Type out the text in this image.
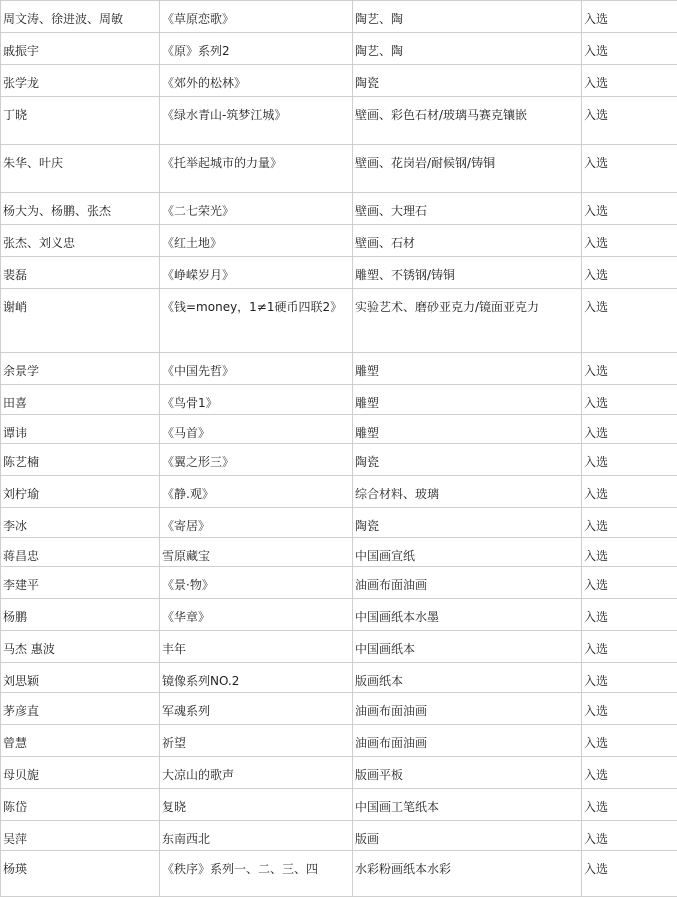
周文涛、徐进波、周敏	《草原恋歌》	陶艺、陶	入选
戚振宇	《原》系列2	陶艺、陶	入选
张学龙	《郊外的松林》	陶瓷	入选
丁晓	《绿水青山-筑梦江城》	壁画、彩色石材/玻璃马赛克镶嵌	入选
朱华、叶庆	《托举起城市的力量》	壁画、花岗岩/耐候钢/铸铜	入选
杨大为、杨鹏、张杰	《二七荣光》	壁画、大理石	入选
张杰、刘义忠	《红土地》	壁画、石材	入选
裴磊	《峥嵘岁月》	雕塑、不锈钢/铸铜	入选
谢峭	《钱=money，1≠1硬币四联2》	实验艺术、磨砂亚克力/镜面亚克力	入选
余景学	《中国先哲》	雕塑	入选
田喜	《鸟骨1》	雕塑	入选
谭讳	《马首》	雕塑	入选
陈艺楠	《翼之形三》	陶瓷	入选
刘柠瑜	《静.观》	综合材料、玻璃	入选
李冰	《寄居》	陶瓷	入选
蒋昌忠	雪原藏宝	中国画宣纸	入选
李建平	《景·物》	油画布面油画	入选
杨鹏	《华章》	中国画纸本水墨	入选
马杰 惠波	丰年	中国画纸本	入选
刘思颖	镜像系列NO.2	版画纸本	入选
茅彦直	军魂系列	油画布面油画	入选
曾慧	祈望	油画布面油画	入选
母贝旎	大凉山的歌声	版画平板	入选
陈岱	复晓	中国画工笔纸本	入选
吴萍	东南西北	版画	入选
杨瑛	《秩序》系列一、二、三、四	水彩粉画纸本水彩	入选
